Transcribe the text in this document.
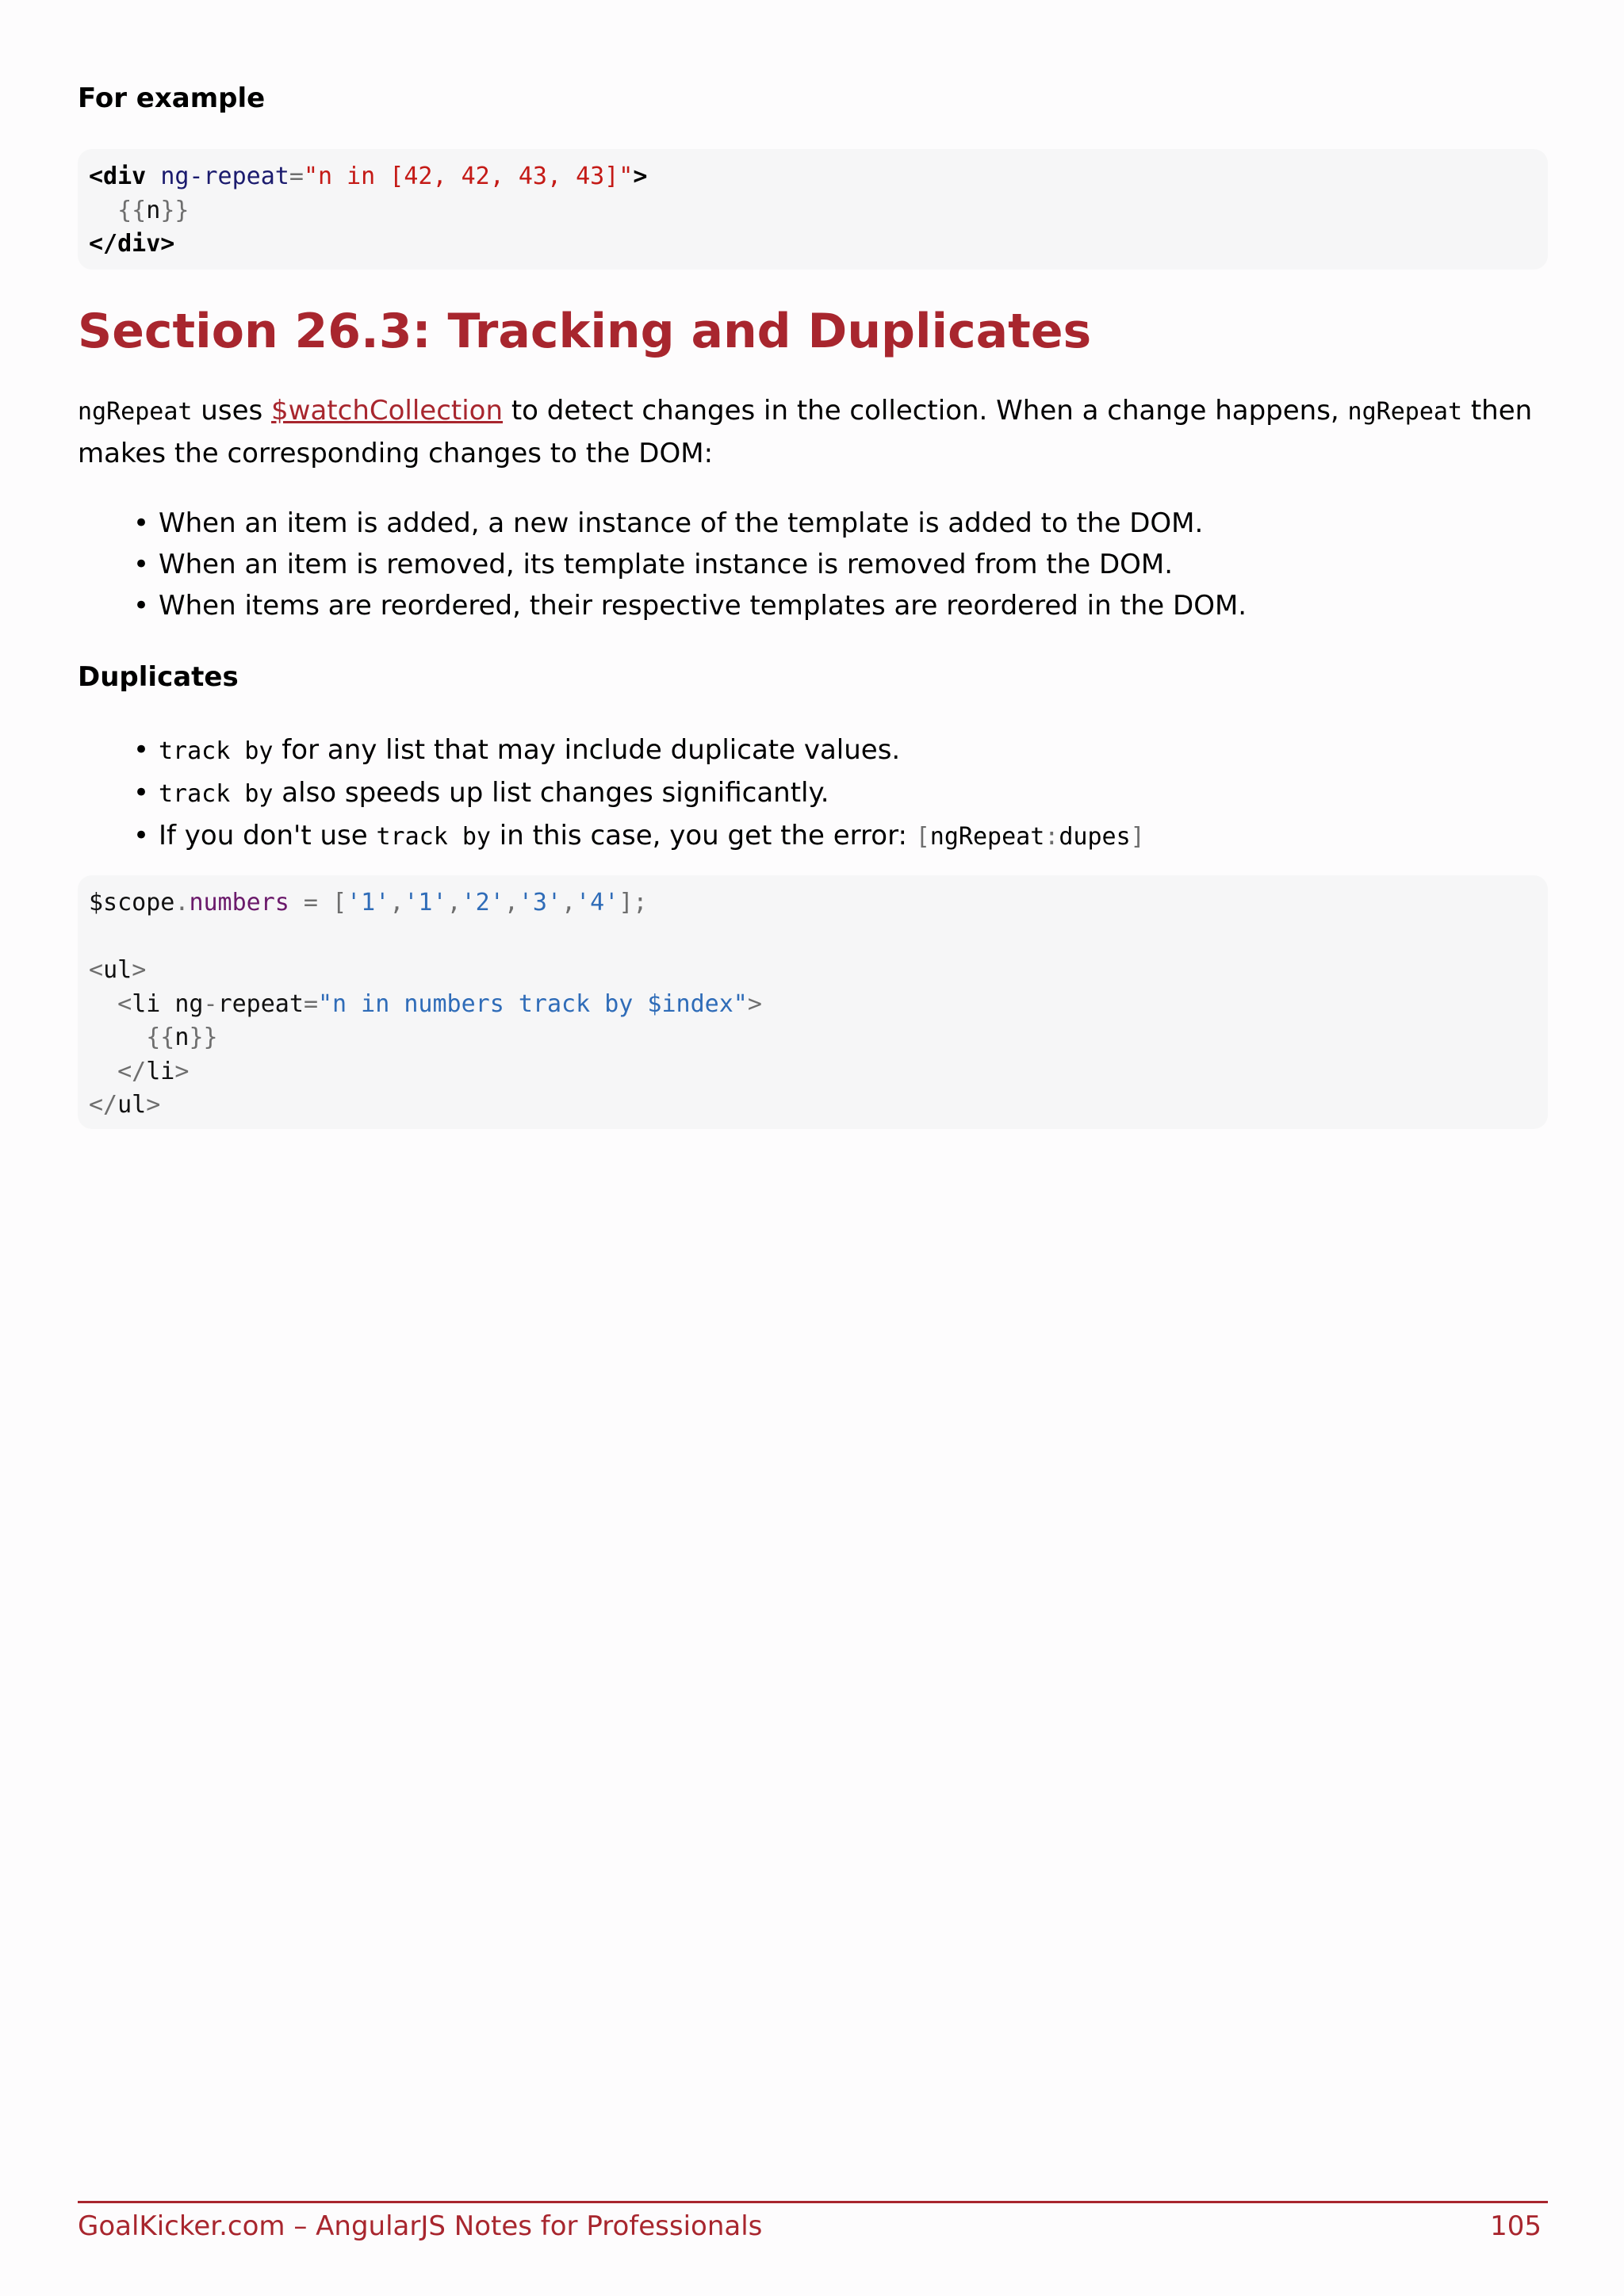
For example
<div ng-repeat="n in [42, 42, 43, 43]">
{{n}}
</div>
Section 26.3: Tracking and Duplicates
ngRepeat uses $watchCollection to detect changes in the collection. When a change happens, ngRepeat then makes the corresponding changes to the DOM:
• When an item is added, a new instance of the template is added to the DOM.
• When an item is removed, its template instance is removed from the DOM.
• When items are reordered, their respective templates are reordered in the DOM.
Duplicates
• track by for any list that may include duplicate values.
• track by also speeds up list changes significantly.
• If you don't use track by in this case, you get the error: [ngRepeat:dupes]
$scope.numbers = ['1','1','2','3','4'];
<ul>
<li ng-repeat="n in numbers track by $index">
{{n}}
</li>
</ul>
GoalKicker.com – AngularJS Notes for Professionals	105
